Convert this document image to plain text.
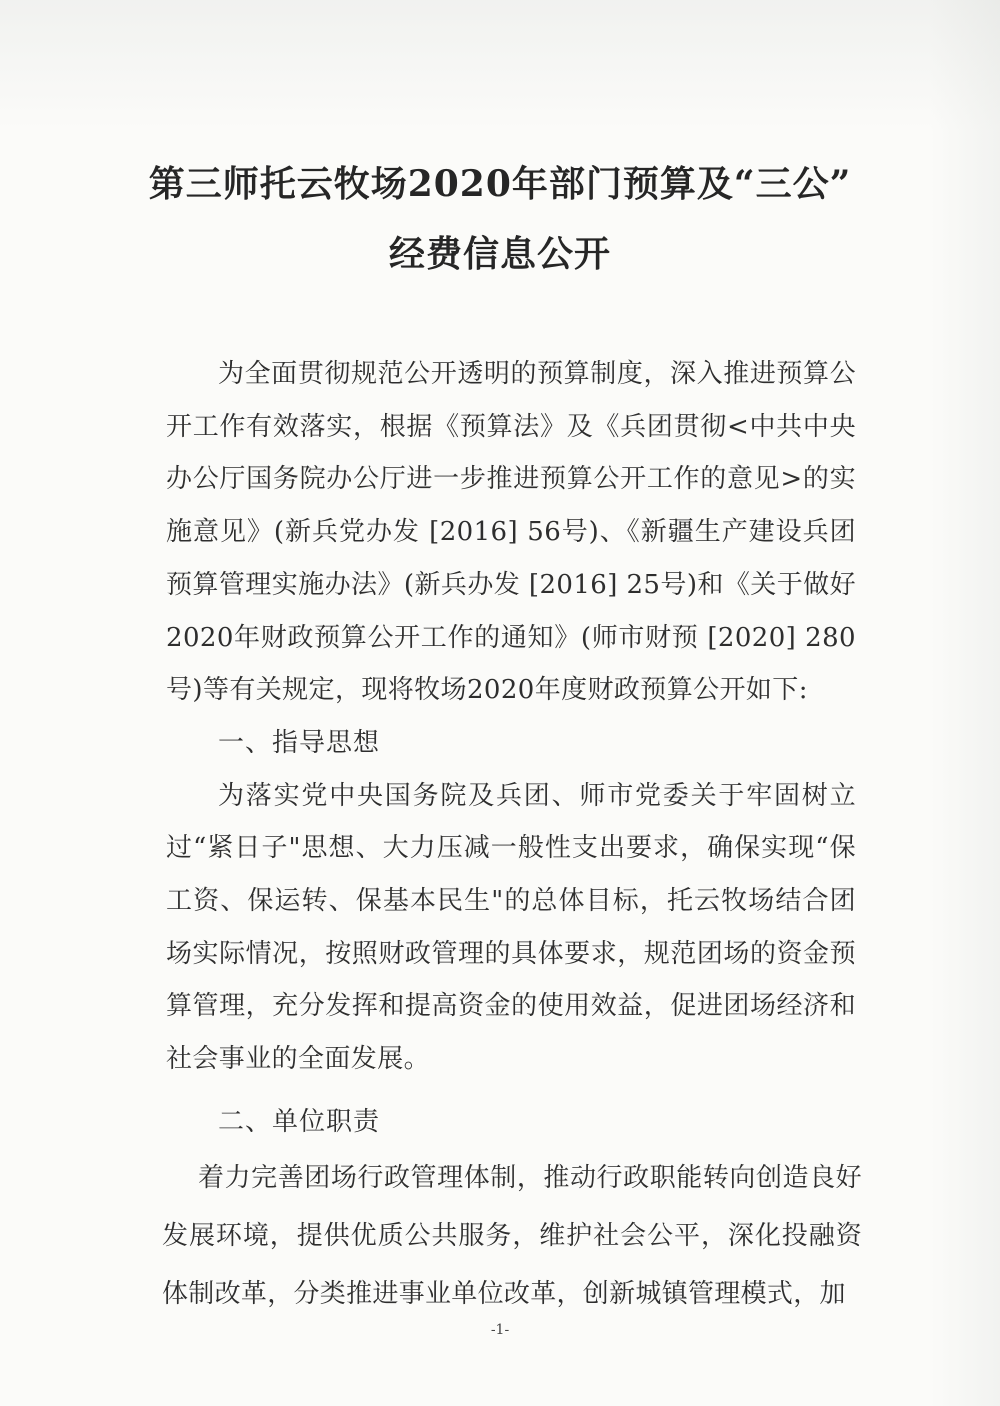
第三师托云牧场2020年部门预算及“三公”
经费信息公开

为全面贯彻规范公开透明的预算制度，深入推进预算公开工作有效落实，根据《预算法》及《兵团贯彻<中共中央办公厅国务院办公厅进一步推进预算公开工作的意见>的实施意见》(新兵党办发 [2016] 56号)、《新疆生产建设兵团预算管理实施办法》(新兵办发 [2016] 25号)和《关于做好2020年财政预算公开工作的通知》(师市财预 [2020] 280号)等有关规定，现将牧场2020年度财政预算公开如下:

一、指导思想

为落实党中央国务院及兵团、师市党委关于牢固树立过“紧日子"思想、大力压减一般性支出要求，确保实现“保工资、保运转、保基本民生"的总体目标，托云牧场结合团场实际情况，按照财政管理的具体要求，规范团场的资金预算管理，充分发挥和提高资金的使用效益，促进团场经济和社会事业的全面发展。

二、单位职责

着力完善团场行政管理体制，推动行政职能转向创造良好发展环境，提供优质公共服务，维护社会公平，深化投融资体制改革，分类推进事业单位改革，创新城镇管理模式，加

-1-
